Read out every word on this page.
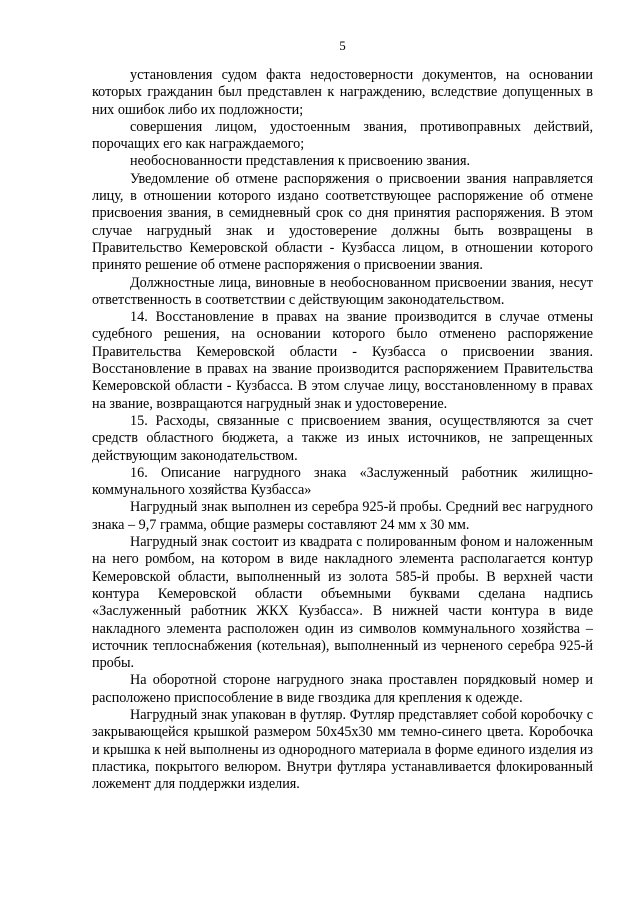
5

установления судом факта недостоверности документов, на основании которых гражданин был представлен к награждению, вследствие допущенных в них ошибок либо их подложности;

совершения лицом, удостоенным звания, противоправных действий, порочащих его как награждаемого;

необоснованности представления к присвоению звания.

Уведомление об отмене распоряжения о присвоении звания направляется лицу, в отношении которого издано соответствующее распоряжение об отмене присвоения звания, в семидневный срок со дня принятия распоряжения. В этом случае нагрудный знак и удостоверение должны быть возвращены в Правительство Кемеровской области - Кузбасса лицом, в отношении которого принято решение об отмене распоряжения о присвоении звания.

Должностные лица, виновные в необоснованном присвоении звания, несут ответственность в соответствии с действующим законодательством.

14. Восстановление в правах на звание производится в случае отмены судебного решения, на основании которого было отменено распоряжение Правительства Кемеровской области - Кузбасса о присвоении звания. Восстановление в правах на звание производится распоряжением Правительства Кемеровской области - Кузбасса. В этом случае лицу, восстановленному в правах на звание, возвращаются нагрудный знак и удостоверение.

15. Расходы, связанные с присвоением звания, осуществляются за счет средств областного бюджета, а также из иных источников, не запрещенных действующим законодательством.

16. Описание нагрудного знака «Заслуженный работник жилищно-коммунального хозяйства Кузбасса»

Нагрудный знак выполнен из серебра 925-й пробы. Средний вес нагрудного знака – 9,7 грамма, общие размеры составляют 24 мм х 30 мм.

Нагрудный знак состоит из квадрата с полированным фоном и наложенным на него ромбом, на котором в виде накладного элемента располагается контур Кемеровской области, выполненный из золота 585-й пробы. В верхней части контура Кемеровской области объемными буквами сделана надпись «Заслуженный работник ЖКХ Кузбасса». В нижней части контура в виде накладного элемента расположен один из символов коммунального хозяйства – источник теплоснабжения (котельная), выполненный из черненого серебра 925-й пробы.

На оборотной стороне нагрудного знака проставлен порядковый номер и расположено приспособление в виде гвоздика для крепления к одежде.

Нагрудный знак упакован в футляр. Футляр представляет собой коробочку с закрывающейся крышкой размером 50х45х30 мм темно-синего цвета. Коробочка и крышка к ней выполнены из однородного материала в форме единого изделия из пластика, покрытого велюром. Внутри футляра устанавливается флокированный ложемент для поддержки изделия.
